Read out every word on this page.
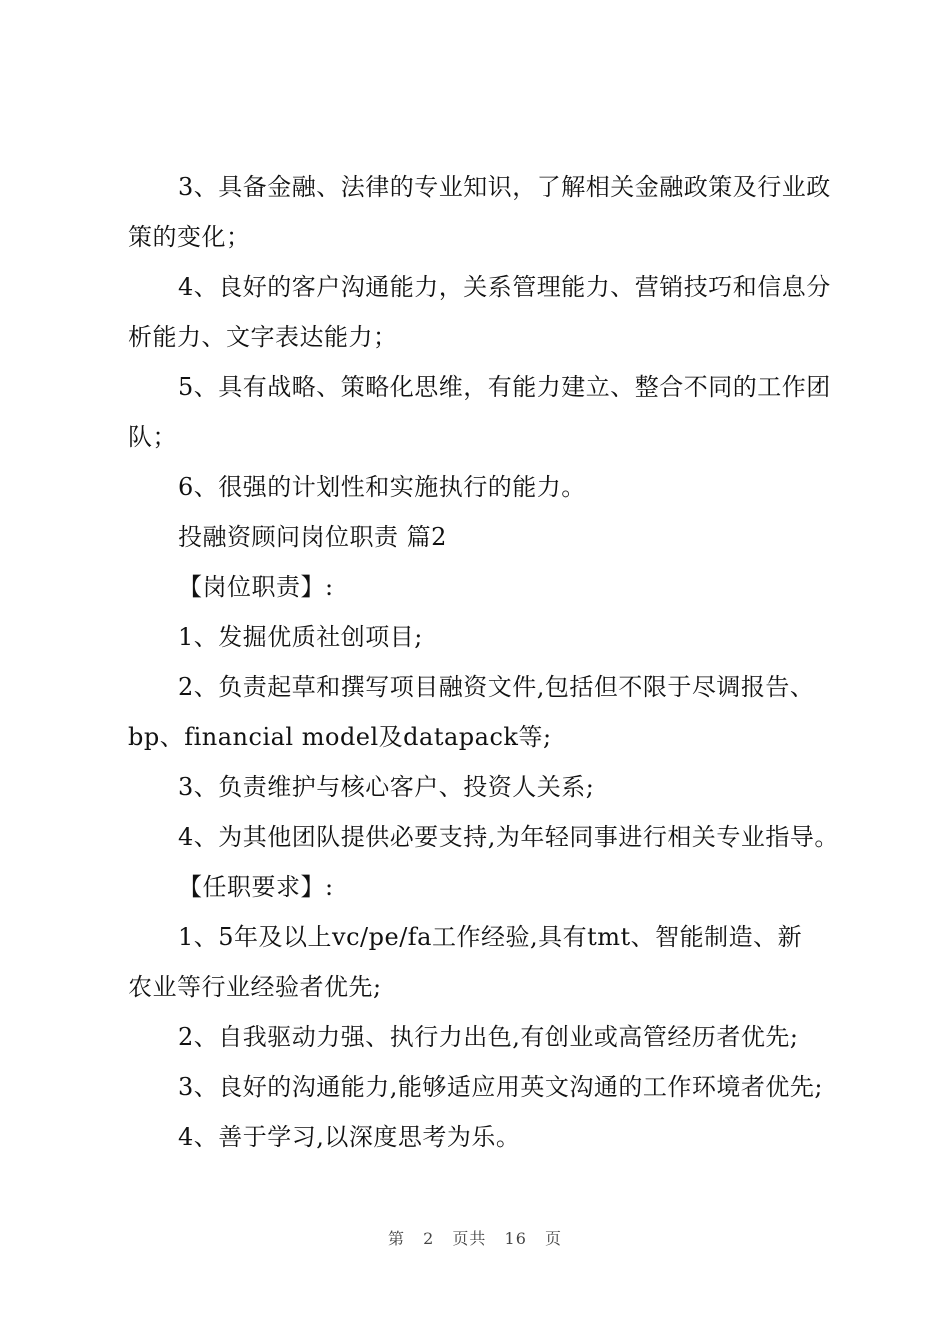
3、具备金融、法律的专业知识，了解相关金融政策及行业政
策的变化；
4、良好的客户沟通能力，关系管理能力、营销技巧和信息分
析能力、文字表达能力；
5、具有战略、策略化思维，有能力建立、整合不同的工作团
队；
6、很强的计划性和实施执行的能力。
投融资顾问岗位职责 篇2
【岗位职责】:
1、发掘优质社创项目;
2、负责起草和撰写项目融资文件,包括但不限于尽调报告、
bp、financial model及datapack等;
3、负责维护与核心客户、投资人关系;
4、为其他团队提供必要支持,为年轻同事进行相关专业指导。
【任职要求】:
1、5年及以上vc/pe/fa工作经验,具有tmt、智能制造、新
农业等行业经验者优先;
2、自我驱动力强、执行力出色,有创业或高管经历者优先;
3、良好的沟通能力,能够适应用英文沟通的工作环境者优先;
4、善于学习,以深度思考为乐。
第 2 页共 16 页
